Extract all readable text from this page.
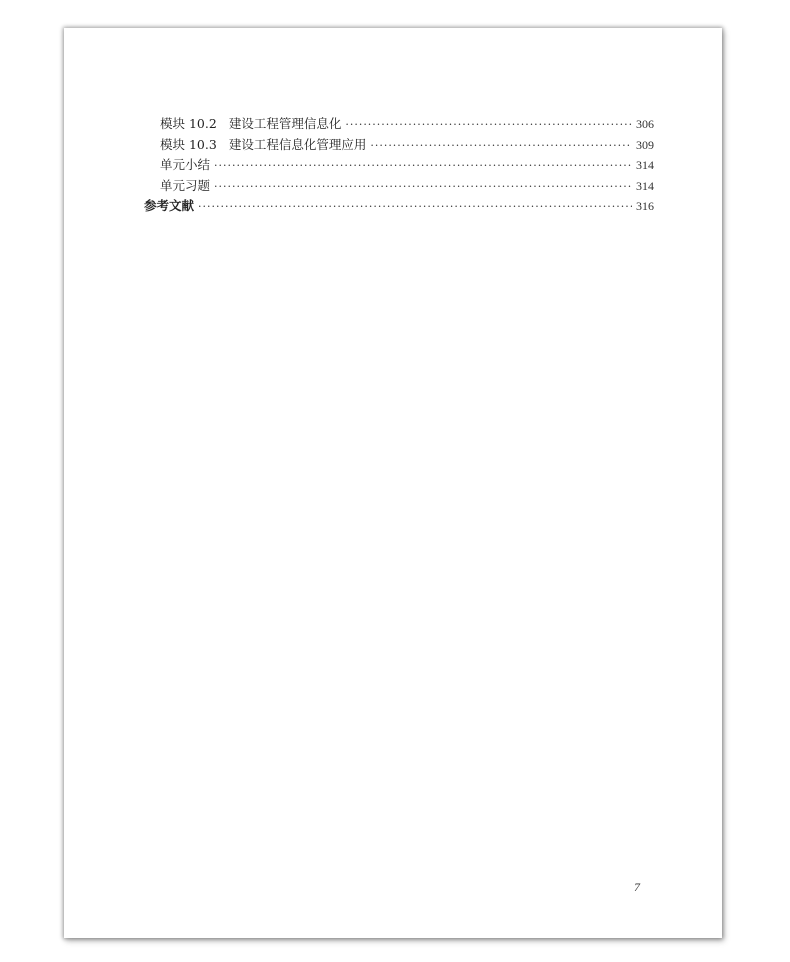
模块 10.2 建设工程管理信息化 ·····	306
模块 10.3 建设工程信息化管理应用 ·····	309
单元小结 ·····	314
单元习题 ·····	314
参考文献 ·····	316
7
